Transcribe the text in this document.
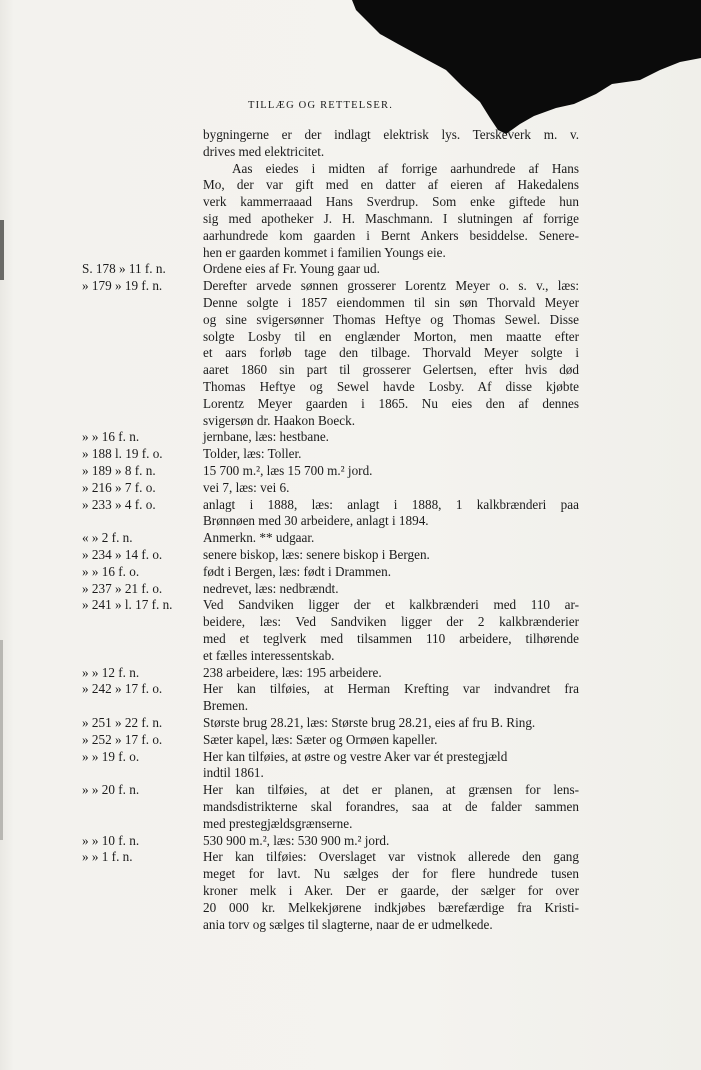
TILLÆG OG RETTELSER.
bygningerne er der indlagt elektrisk lys. Terskeverk m. v.
drives med elektricitet.
Aas eiedes i midten af forrige aarhundrede af Hans
Mo, der var gift med en datter af eieren af Hakedalens
verk kammerraaad Hans Sverdrup. Som enke giftede hun
sig med apotheker J. H. Maschmann. I slutningen af forrige
aarhundrede kom gaarden i Bernt Ankers besiddelse. Senere-
hen er gaarden kommet i familien Youngs eie.
S. 178 » 11 f. n.	Ordene eies af Fr. Young gaar ud.
» 179 » 19 f. n.	Derefter arvede sønnen grosserer Lorentz Meyer o. s. v., læs:
Denne solgte i 1857 eiendommen til sin søn Thorvald Meyer
og sine svigersønner Thomas Heftye og Thomas Sewel. Disse
solgte Losby til en englænder Morton, men maatte efter
et aars forløb tage den tilbage. Thorvald Meyer solgte i
aaret 1860 sin part til grosserer Gelertsen, efter hvis død
Thomas Heftye og Sewel havde Losby. Af disse kjøbte
Lorentz Meyer gaarden i 1865. Nu eies den af dennes
svigersøn dr. Haakon Boeck.
» » 16 f. n.	jernbane, læs: hestbane.
» 188 l. 19 f. o.	Tolder, læs: Toller.
» 189 » 8 f. n.	15 700 m.², læs 15 700 m.² jord.
» 216 » 7 f. o.	vei 7, læs: vei 6.
» 233 » 4 f. o.	anlagt i 1888, læs: anlagt i 1888, 1 kalkbrænderi paa
Brønnøen med 30 arbeidere, anlagt i 1894.
« » 2 f. n.	Anmerkn. ** udgaar.
» 234 » 14 f. o.	senere biskop, læs: senere biskop i Bergen.
» » 16 f. o.	født i Bergen, læs: født i Drammen.
» 237 » 21 f. o.	nedrevet, læs: nedbrændt.
» 241 » l. 17 f. n.	Ved Sandviken ligger der et kalkbrænderi med 110 ar-
beidere, læs: Ved Sandviken ligger der 2 kalkbrænderier
med et teglverk med tilsammen 110 arbeidere, tilhørende
et fælles interessentskab.
» » 12 f. n.	238 arbeidere, læs: 195 arbeidere.
» 242 » 17 f. o.	Her kan tilføies, at Herman Krefting var indvandret fra
Bremen.
» 251 » 22 f. n.	Største brug 28.21, læs: Største brug 28.21, eies af fru B. Ring.
» 252 » 17 f. o.	Sæter kapel, læs: Sæter og Ormøen kapeller.
» » 19 f. o.	Her kan tilføies, at østre og vestre Aker var ét prestegjæld
indtil 1861.
» » 20 f. n.	Her kan tilføies, at det er planen, at grænsen for lens-
mandsdistrikterne skal forandres, saa at de falder sammen
med prestegjældsgrænserne.
» » 10 f. n.	530 900 m.², læs: 530 900 m.² jord.
» » 1 f. n.	Her kan tilføies: Overslaget var vistnok allerede den gang
meget for lavt. Nu sælges der for flere hundrede tusen
kroner melk i Aker. Der er gaarde, der sælger for over
20 000 kr. Melkekjørene indkjøbes bærefærdige fra Kristi-
ania torv og sælges til slagterne, naar de er udmelkede.
